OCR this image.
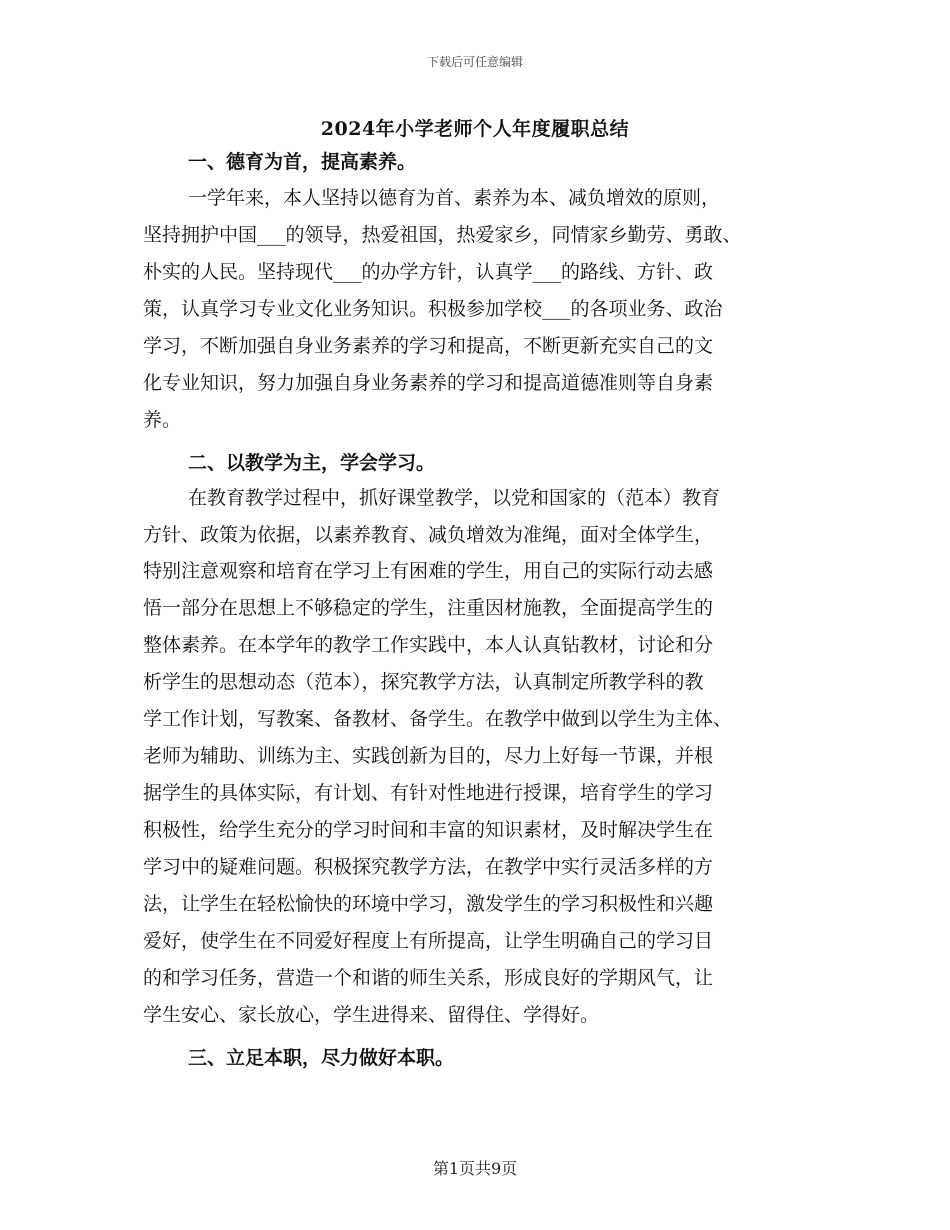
下载后可任意编辑
2024年小学老师个人年度履职总结
一、德育为首，提高素养。
一学年来，本人坚持以德育为首、素养为本、减负增效的原则，
坚持拥护中国___的领导，热爱祖国，热爱家乡，同情家乡勤劳、勇敢、
朴实的人民。坚持现代___的办学方针，认真学___的路线、方针、政
策，认真学习专业文化业务知识。积极参加学校___的各项业务、政治
学习，不断加强自身业务素养的学习和提高，不断更新充实自己的文
化专业知识，努力加强自身业务素养的学习和提高道德准则等自身素
养。
二、以教学为主，学会学习。
在教育教学过程中，抓好课堂教学，以党和国家的（范本）教育
方针、政策为依据，以素养教育、减负增效为准绳，面对全体学生，
特别注意观察和培育在学习上有困难的学生，用自己的实际行动去感
悟一部分在思想上不够稳定的学生，注重因材施教，全面提高学生的
整体素养。在本学年的教学工作实践中，本人认真钻教材，讨论和分
析学生的思想动态（范本），探究教学方法，认真制定所教学科的教
学工作计划，写教案、备教材、备学生。在教学中做到以学生为主体、
老师为辅助、训练为主、实践创新为目的，尽力上好每一节课，并根
据学生的具体实际，有计划、有针对性地进行授课，培育学生的学习
积极性，给学生充分的学习时间和丰富的知识素材，及时解决学生在
学习中的疑难问题。积极探究教学方法，在教学中实行灵活多样的方
法，让学生在轻松愉快的环境中学习，激发学生的学习积极性和兴趣
爱好，使学生在不同爱好程度上有所提高，让学生明确自己的学习目
的和学习任务，营造一个和谐的师生关系，形成良好的学期风气，让
学生安心、家长放心，学生进得来、留得住、学得好。
三、立足本职，尽力做好本职。
第1页共9页
